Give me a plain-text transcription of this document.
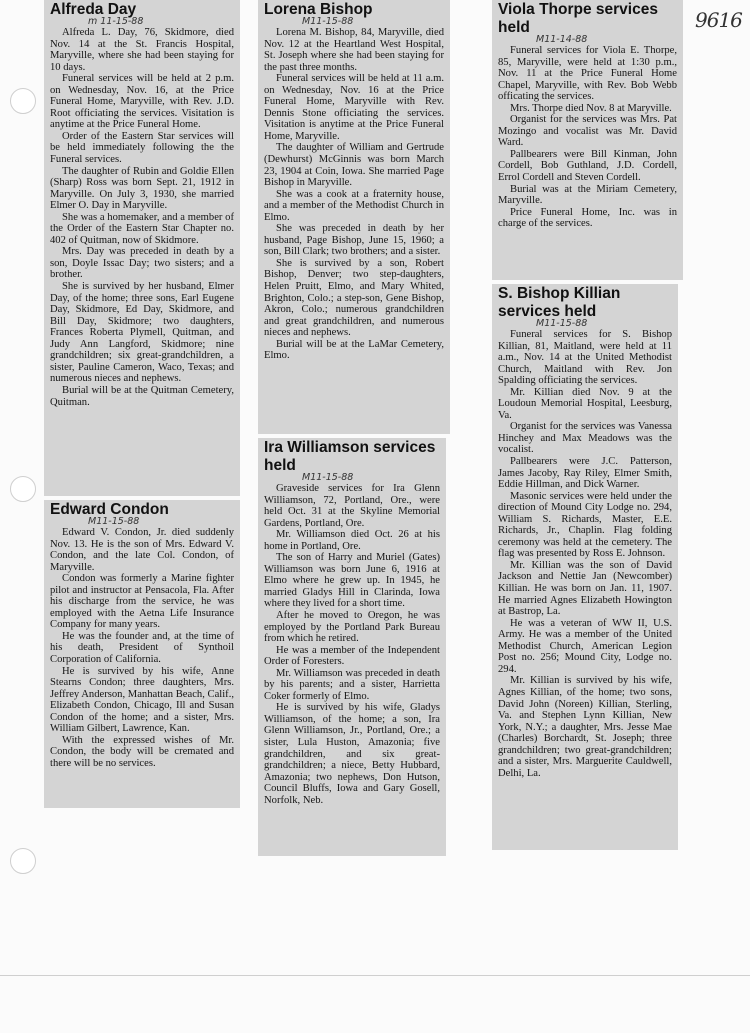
9616
Alfreda Day
m 11-15-88

Alfreda L. Day, 76, Skidmore, died Nov. 14 at the St. Francis Hospital, Maryville, where she had been staying for 10 days.

Funeral services will be held at 2 p.m. on Wednesday, Nov. 16, at the Price Funeral Home, Maryville, with Rev. J.D. Root officiating the services. Visitation is anytime at the Price Funeral Home.

Order of the Eastern Star services will be held immediately following the the Funeral services.

The daughter of Rubin and Goldie Ellen (Sharp) Ross was born Sept. 21, 1912 in Maryville. On July 3, 1930, she married Elmer O. Day in Maryville.

She was a homemaker, and a member of the Order of the Eastern Star Chapter no. 402 of Quitman, now of Skidmore.

Mrs. Day was preceded in death by a son, Doyle Issac Day; two sisters; and a brother.

She is survived by her husband, Elmer Day, of the home; three sons, Earl Eugene Day, Skidmore, Ed Day, Skidmore, and Bill Day, Skidmore; two daughters, Frances Roberta Plymell, Quitman, and Judy Ann Langford, Skidmore; nine grandchildren; six great-grandchildren, a sister, Pauline Cameron, Waco, Texas; and numerous nieces and nephews.

Burial will be at the Quitman Cemetery, Quitman.

Edward Condon
M11-15-88

Edward V. Condon, Jr. died suddenly Nov. 13. He is the son of Mrs. Edward V. Condon, and the late Col. Condon, of Maryville.

Condon was formerly a Marine fighter pilot and instructor at Pensacola, Fla. After his discharge from the service, he was employed with the Aetna Life Insurance Company for many years.

He was the founder and, at the time of his death, President of Synthoil Corporation of California.

He is survived by his wife, Anne Stearns Condon; three daughters, Mrs. Jeffrey Anderson, Manhattan Beach, Calif., Elizabeth Condon, Chicago, Ill and Susan Condon of the home; and a sister, Mrs. William Gilbert, Lawrence, Kan.

With the expressed wishes of Mr. Condon, the body will be cremated and there will be no services.

Lorena Bishop
M11-15-88

Lorena M. Bishop, 84, Maryville, died Nov. 12 at the Heartland West Hospital, St. Joseph where she had been staying for the past three months.

Funeral services will be held at 11 a.m. on Wednesday, Nov. 16 at the Price Funeral Home, Maryville with Rev. Dennis Stone officiating the services. Visitation is anytime at the Price Funeral Home, Maryville.

The daughter of William and Gertrude (Dewhurst) McGinnis was born March 23, 1904 at Coin, Iowa. She married Page Bishop in Maryville.

She was a cook at a fraternity house, and a member of the Methodist Church in Elmo.

She was preceded in death by her husband, Page Bishop, June 15, 1960; a son, Bill Clark; two brothers; and a sister.

She is survived by a son, Robert Bishop, Denver; two step-daughters, Helen Pruitt, Elmo, and Mary Whited, Brighton, Colo.; a step-son, Gene Bishop, Akron, Colo.; numerous grandchildren and great grandchildren, and numerous nieces and nephews.

Burial will be at the LaMar Cemetery, Elmo.

Ira Williamson services held
M11-15-88

Graveside services for Ira Glenn Williamson, 72, Portland, Ore., were held Oct. 31 at the Skyline Memorial Gardens, Portland, Ore.

Mr. Williamson died Oct. 26 at his home in Portland, Ore.

The son of Harry and Muriel (Gates) Williamson was born June 6, 1916 at Elmo where he grew up. In 1945, he married Gladys Hill in Clarinda, Iowa where they lived for a short time.

After he moved to Oregon, he was employed by the Portland Park Bureau from which he retired.

He was a member of the Independent Order of Foresters.

Mr. Williamson was preceded in death by his parents; and a sister, Harrietta Coker formerly of Elmo.

He is survived by his wife, Gladys Williamson, of the home; a son, Ira Glenn Williamson, Jr., Portland, Ore.; a sister, Lula Huston, Amazonia; five grandchildren, and six great-grandchildren; a niece, Betty Hubbard, Amazonia; two nephews, Don Hutson, Council Bluffs, Iowa and Gary Gosell, Norfolk, Neb.

Viola Thorpe services held
M11-14-88

Funeral services for Viola E. Thorpe, 85, Maryville, were held at 1:30 p.m., Nov. 11 at the Price Funeral Home Chapel, Maryville, with Rev. Bob Webb officating the services.

Mrs. Thorpe died Nov. 8 at Maryville.

Organist for the services was Mrs. Pat Mozingo and vocalist was Mr. David Ward.

Pallbearers were Bill Kinman, John Cordell, Bob Guthland, J.D. Cordell, Errol Cordell and Steven Cordell.

Burial was at the Miriam Cemetery, Maryville.

Price Funeral Home, Inc. was in charge of the services.

S. Bishop Killian services held
M11-15-88

Funeral services for S. Bishop Killian, 81, Maitland, were held at 11 a.m., Nov. 14 at the United Methodist Church, Maitland with Rev. Jon Spalding officiating the services.

Mr. Killian died Nov. 9 at the Loudoun Memorial Hospital, Leesburg, Va.

Organist for the services was Vanessa Hinchey and Max Meadows was the vocalist.

Pallbearers were J.C. Patterson, James Jacoby, Ray Riley, Elmer Smith, Eddie Hillman, and Dick Warner.

Masonic services were held under the direction of Mound City Lodge no. 294, William S. Richards, Master, E.E. Richards, Jr., Chaplin. Flag folding ceremony was held at the cemetery. The flag was presented by Ross E. Johnson.

Mr. Killian was the son of David Jackson and Nettie Jan (Newcomber) Killian. He was born on Jan. 11, 1907. He married Agnes Elizabeth Howington at Bastrop, La.

He was a veteran of WW II, U.S. Army. He was a member of the United Methodist Church, American Legion Post no. 256; Mound City, Lodge no. 294.

Mr. Killian is survived by his wife, Agnes Killian, of the home; two sons, David John (Noreen) Killian, Sterling, Va. and Stephen Lynn Killian, New York, N.Y.; a daughter, Mrs. Jesse Mae (Charles) Borchardt, St. Joseph; three grandchildren; two great-grandchildren; and a sister, Mrs. Marguerite Cauldwell, Delhi, La.
